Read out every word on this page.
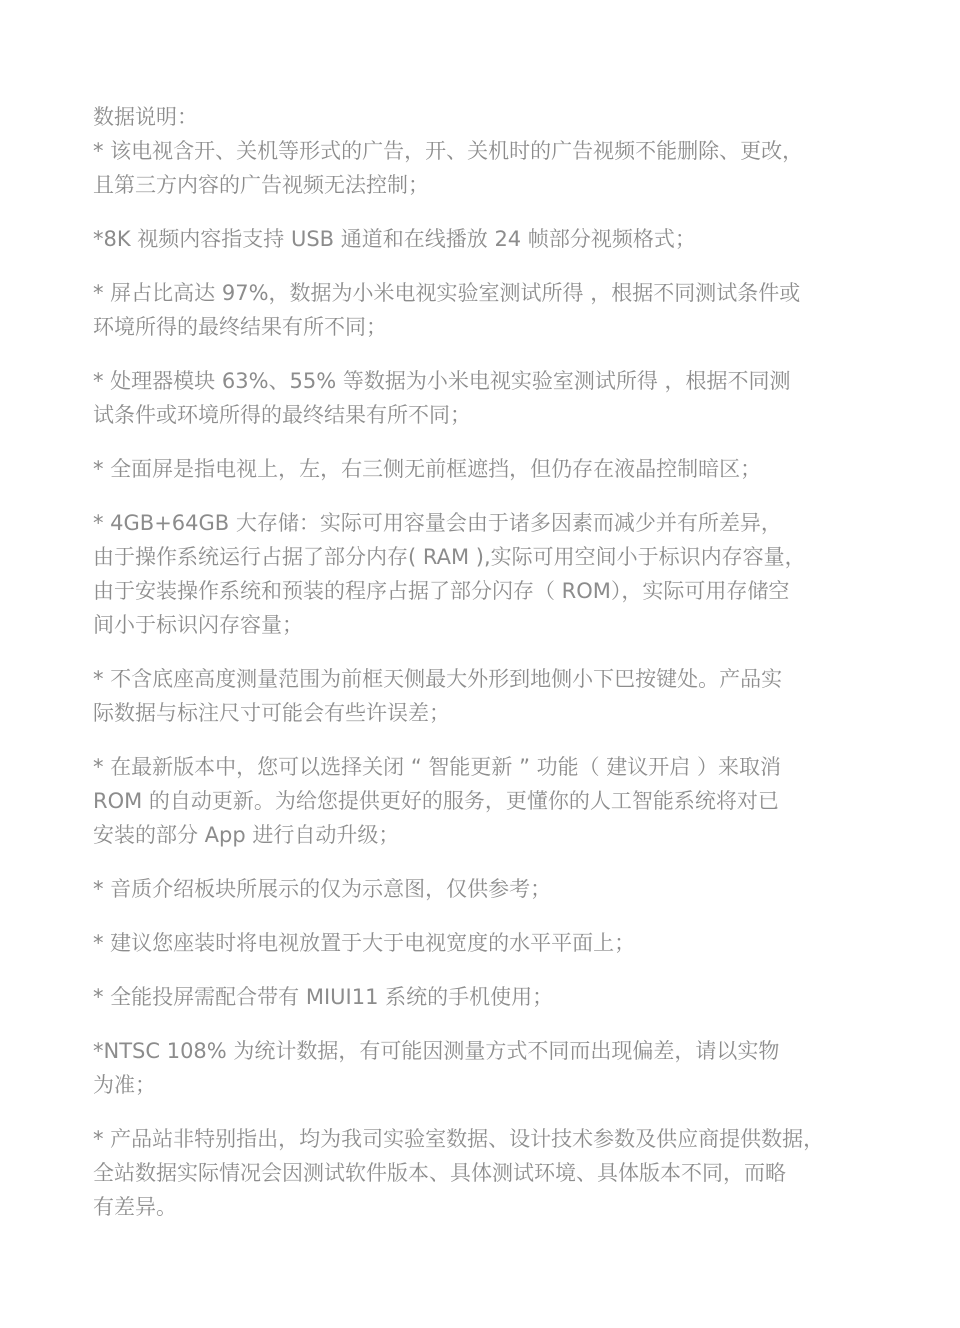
数据说明：

* 该电视含开、关机等形式的广告，开、关机时的广告视频不能删除、更改，
且第三方内容的广告视频无法控制；
*8K 视频内容指支持 USB 通道和在线播放 24 帧部分视频格式；
* 屏占比高达 97%，数据为小米电视实验室测试所得 ，根据不同测试条件或
环境所得的最终结果有所不同；
* 处理器模块 63%、55% 等数据为小米电视实验室测试所得 ，根据不同测
试条件或环境所得的最终结果有所不同；
* 全面屏是指电视上，左，右三侧无前框遮挡，但仍存在液晶控制暗区；
* 4GB+64GB 大存储：实际可用容量会由于诸多因素而减少并有所差异，
由于操作系统运行占据了部分内存( RAM ),实际可用空间小于标识内存容量，
由于安装操作系统和预装的程序占据了部分闪存（ ROM），实际可用存储空
间小于标识闪存容量；
* 不含底座高度测量范围为前框天侧最大外形到地侧小下巴按键处。产品实
际数据与标注尺寸可能会有些许误差；
* 在最新版本中，您可以选择关闭 “ 智能更新 ” 功能（ 建议开启 ）来取消
ROM 的自动更新。为给您提供更好的服务，更懂你的人工智能系统将对已
安装的部分 App 进行自动升级；
* 音质介绍板块所展示的仅为示意图，仅供参考；
* 建议您座装时将电视放置于大于电视宽度的水平平面上；
* 全能投屏需配合带有 MIUI11 系统的手机使用；
*NTSC 108% 为统计数据，有可能因测量方式不同而出现偏差，请以实物
为准；
* 产品站非特别指出，均为我司实验室数据、设计技术参数及供应商提供数据，
全站数据实际情况会因测试软件版本、具体测试环境、具体版本不同，而略
有差异。
